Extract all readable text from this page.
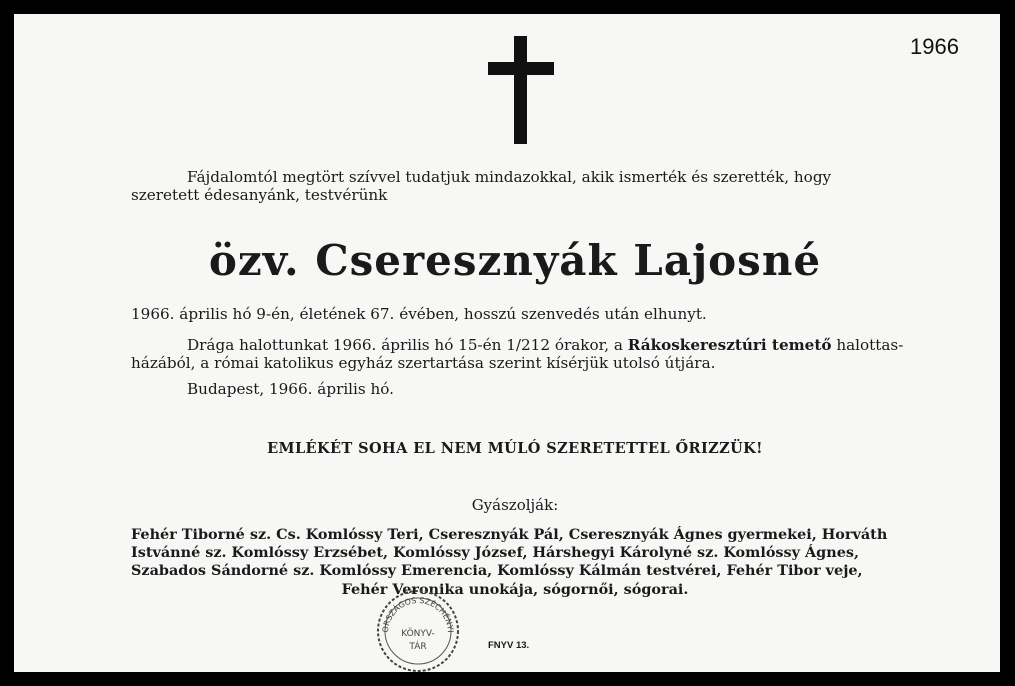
1966
Fájdalomtól megtört szívvel tudatjuk mindazokkal, akik ismerték és szerették, hogy
szeretett édesanyánk, testvérünk
özv. Cseresznyák Lajosné
1966. április hó 9-én, életének 67. évében, hosszú szenvedés után elhunyt.
Drága halottunkat 1966. április hó 15-én 1/212 órakor, a Rákoskeresztúri temető halottas-
házából, a római katolikus egyház szertartása szerint kísérjük utolsó útjára.
Budapest, 1966. április hó.
EMLÉKÉT SOHA EL NEM MÚLÓ SZERETETTEL ŐRIZZÜK!
Gyászolják:
Fehér Tiborné sz. Cs. Komlóssy Teri, Cseresznyák Pál, Cseresznyák Ágnes gyermekei, Horváth
Istvánné sz. Komlóssy Erzsébet, Komlóssy József, Hárshegyi Károlyné sz. Komlóssy Ágnes,
Szabados Sándorné sz. Komlóssy Emerencia, Komlóssy Kálmán testvérei, Fehér Tibor veje,
Fehér Veronika unokája, sógornői, sógorai.
ORSZÁGOS SZÉCHÉNYI
KÖNYV-
TÁR	FNYV 13.
